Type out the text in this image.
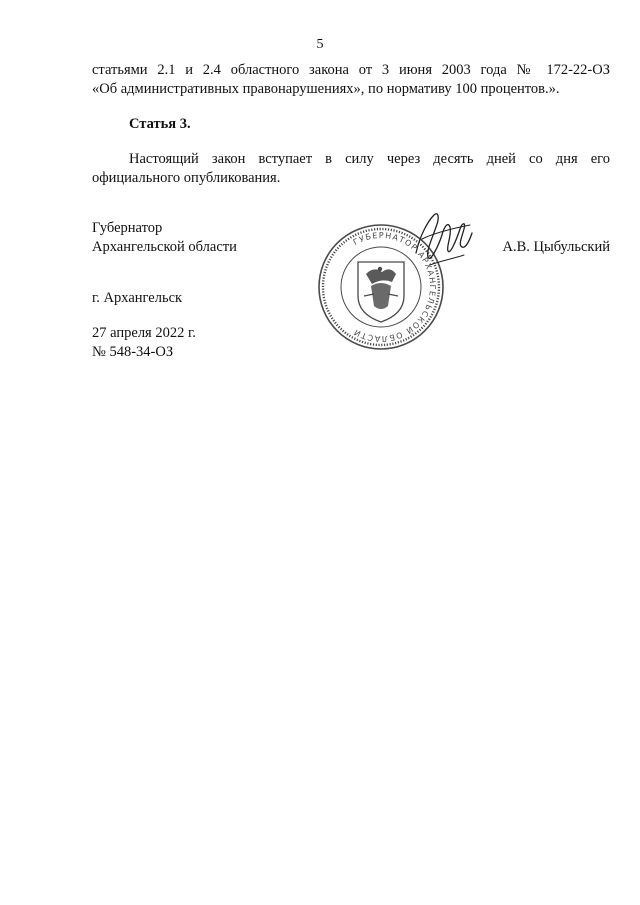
5
статьями 2.1 и 2.4 областного закона от 3 июня 2003 года № 172-22-ОЗ
«Об административных правонарушениях», по нормативу 100 процентов.».
Статья 3.
Настоящий закон вступает в силу через десять дней со дня его
официального опубликования.
Губернатор
Архангельской области	А.В. Цыбульский
г. Архангельск
27 апреля 2022 г.
№ 548-34-ОЗ
ГУБЕРНАТОР АРХАНГЕЛЬСКОЙ ОБЛАСТИ
